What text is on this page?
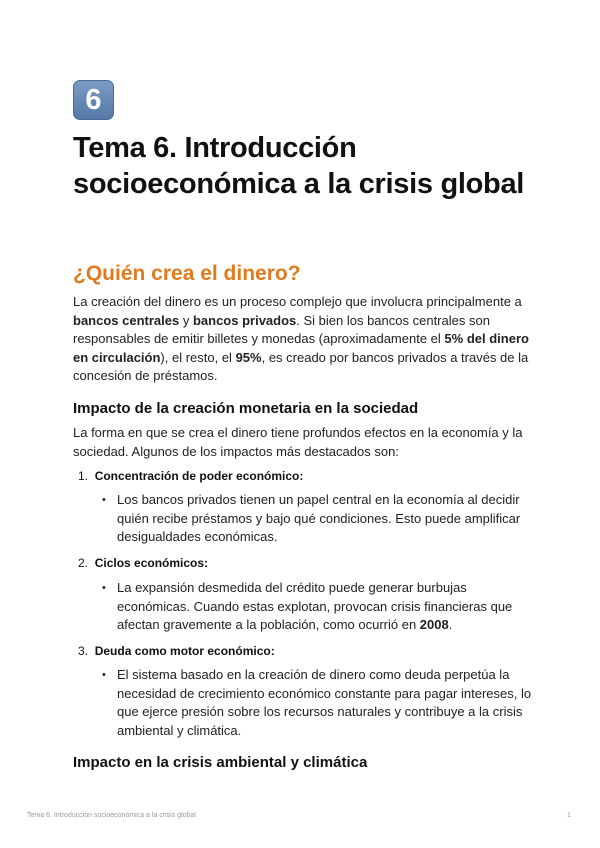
6
Tema 6. Introducción socioeconómica a la crisis global
¿Quién crea el dinero?

La creación del dinero es un proceso complejo que involucra principalmente a bancos centrales y bancos privados. Si bien los bancos centrales son responsables de emitir billetes y monedas (aproximadamente el 5% del dinero en circulación), el resto, el 95%, es creado por bancos privados a través de la concesión de préstamos.

Impacto de la creación monetaria en la sociedad

La forma en que se crea el dinero tiene profundos efectos en la economía y la sociedad. Algunos de los impactos más destacados son:

1. Concentración de poder económico:

• Los bancos privados tienen un papel central en la economía al decidir quién recibe préstamos y bajo qué condiciones. Esto puede amplificar desigualdades económicas.

2. Ciclos económicos:

• La expansión desmedida del crédito puede generar burbujas económicas. Cuando estas explotan, provocan crisis financieras que afectan gravemente a la población, como ocurrió en 2008.

3. Deuda como motor económico:

• El sistema basado en la creación de dinero como deuda perpetúa la necesidad de crecimiento económico constante para pagar intereses, lo que ejerce presión sobre los recursos naturales y contribuye a la crisis ambiental y climática.

Impacto en la crisis ambiental y climática
Tema 6. Introducción socioeconómica a la crisis global	1
